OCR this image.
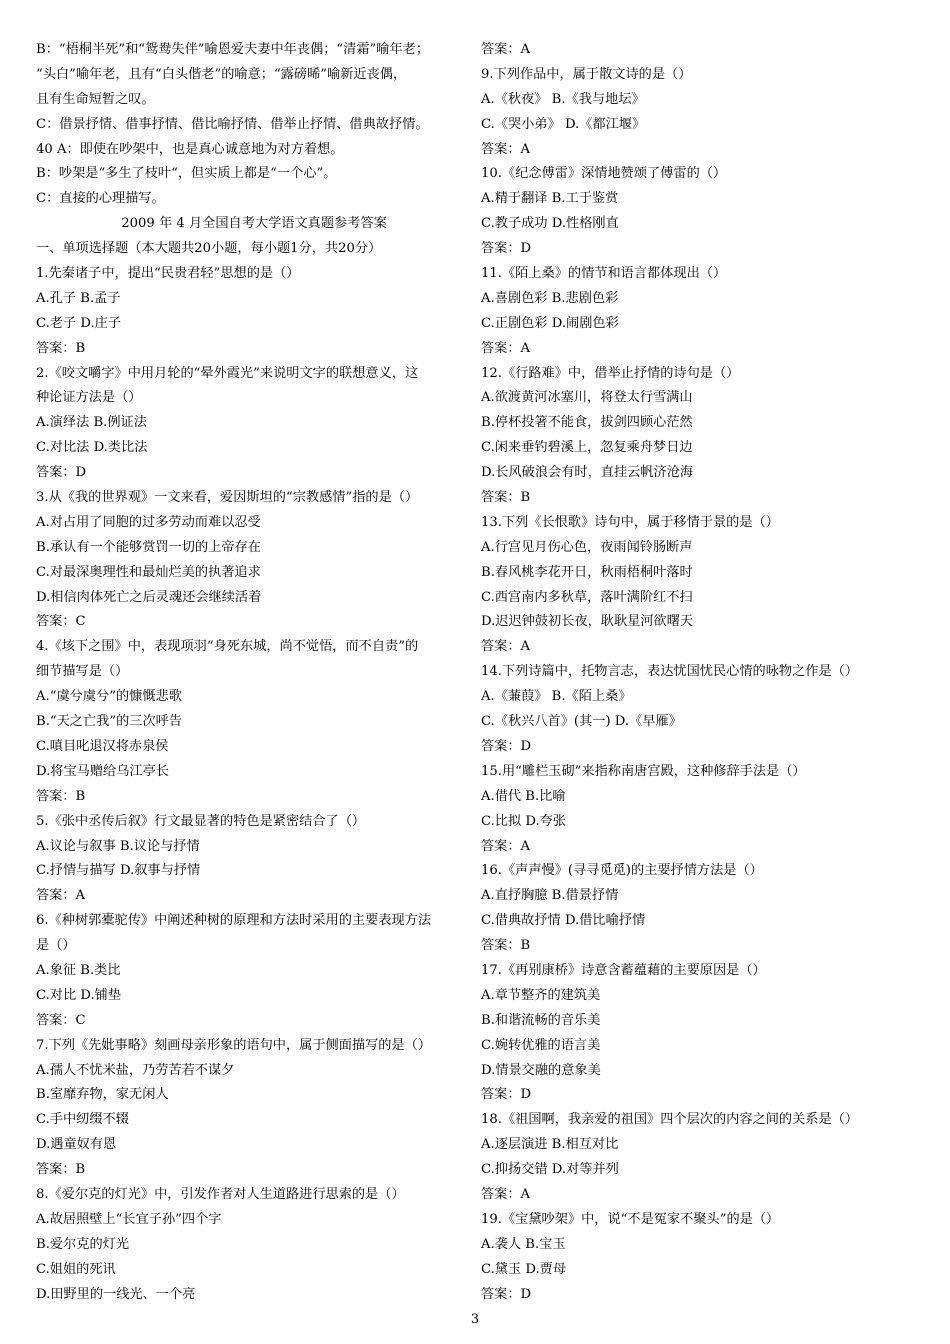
B：“梧桐半死”和“鸳鸯失伴”喻恩爱夫妻中年丧偶；“清霜”喻年老；
“头白”喻年老，且有“白头偕老”的喻意；“露磅晞”喻新近丧偶，
且有生命短暂之叹。
C：借景抒情、借事抒情、借比喻抒情、借举止抒情、借典故抒情。
40 A：即使在吵架中，也是真心诚意地为对方着想。
B：吵架是“多生了枝叶“，但实质上都是“一个心”。
C：直接的心理描写。
2009 年 4 月全国自考大学语文真题参考答案
一、单项选择题（本大题共20小题，每小题1分，共20分）
1.先秦诸子中，提出“民贵君轻”思想的是（）
A.孔子 B.孟子
C.老子 D.庄子
答案：B
2.《咬文嚼字》中用月轮的“晕外霞光”来说明文字的联想意义，这
种论证方法是（）
A.演绎法 B.例证法
C.对比法 D.类比法
答案：D
3.从《我的世界观》一文来看，爱因斯坦的“宗教感情”指的是（）
A.对占用了同胞的过多劳动而难以忍受
B.承认有一个能够赏罚一切的上帝存在
C.对最深奥理性和最灿烂美的执著追求
D.相信肉体死亡之后灵魂还会继续活着
答案：C
4.《垓下之围》中，表现项羽“身死东城，尚不觉悟，而不自责”的
细节描写是（）
A.“虞兮虞兮”的慷慨悲歌
B.“天之亡我”的三次呼告
C.嗔目叱退汉将赤泉侯
D.将宝马赠给乌江亭长
答案：B
5.《张中丞传后叙》行文最显著的特色是紧密结合了（）
A.议论与叙事 B.议论与抒情
C.抒情与描写 D.叙事与抒情
答案：A
6.《种树郭橐驼传》中阐述种树的原理和方法时采用的主要表现方法
是（）
A.象征 B.类比
C.对比 D.铺垫
答案：C
7.下列《先妣事略》刻画母亲形象的语句中，属于侧面描写的是（）
A.孺人不忧米盐，乃劳苦若不谋夕
B.室靡弃物，家无闲人
C.手中纫缀不辍
D.遇童奴有恩
答案：B
8.《爱尔克的灯光》中，引发作者对人生道路进行思索的是（）
A.故居照壁上“长宜子孙”四个字
B.爱尔克的灯光
C.姐姐的死讯
D.田野里的一线光、一个亮
答案：A
9.下列作品中，属于散文诗的是（）
A.《秋夜》 B.《我与地坛》
C.《哭小弟》 D.《都江堰》
答案：A
10.《纪念傅雷》深情地赞颂了傅雷的（）
A.精于翻译 B.工于鉴赏
C.教子成功 D.性格刚直
答案：D
11.《陌上桑》的情节和语言都体现出（）
A.喜剧色彩 B.悲剧色彩
C.正剧色彩 D.闹剧色彩
答案：A
12.《行路难》中，借举止抒情的诗句是（）
A.欲渡黄河冰塞川，将登太行雪满山
B.停杯投箸不能食，拔剑四顾心茫然
C.闲来垂钓碧溪上，忽复乘舟梦日边
D.长风破浪会有时，直挂云帆济沧海
答案：B
13.下列《长恨歌》诗句中，属于移情于景的是（）
A.行宫见月伤心色，夜雨闻铃肠断声
B.春风桃李花开日，秋雨梧桐叶落时
C.西宫南内多秋草，落叶满阶红不扫
D.迟迟钟鼓初长夜，耿耿星河欲曙天
答案：A
14.下列诗篇中，托物言志，表达忧国忧民心情的咏物之作是（）
A.《蒹葭》 B.《陌上桑》
C.《秋兴八首》(其一) D.《早雁》
答案：D
15.用“雕栏玉砌”来指称南唐宫殿，这种修辞手法是（）
A.借代 B.比喻
C.比拟 D.夸张
答案：A
16.《声声慢》(寻寻觅觅)的主要抒情方法是（）
A.直抒胸臆 B.借景抒情
C.借典故抒情 D.借比喻抒情
答案：B
17.《再别康桥》诗意含蓄蕴藉的主要原因是（）
A.章节整齐的建筑美
B.和谐流畅的音乐美
C.婉转优雅的语言美
D.情景交融的意象美
答案：D
18.《祖国啊，我亲爱的祖国》四个层次的内容之间的关系是（）
A.逐层演进 B.相互对比
C.抑扬交错 D.对等并列
答案：A
19.《宝黛吵架》中，说“不是冤家不聚头”的是（）
A.袭人 B.宝玉
C.黛玉 D.贾母
答案：D
3
